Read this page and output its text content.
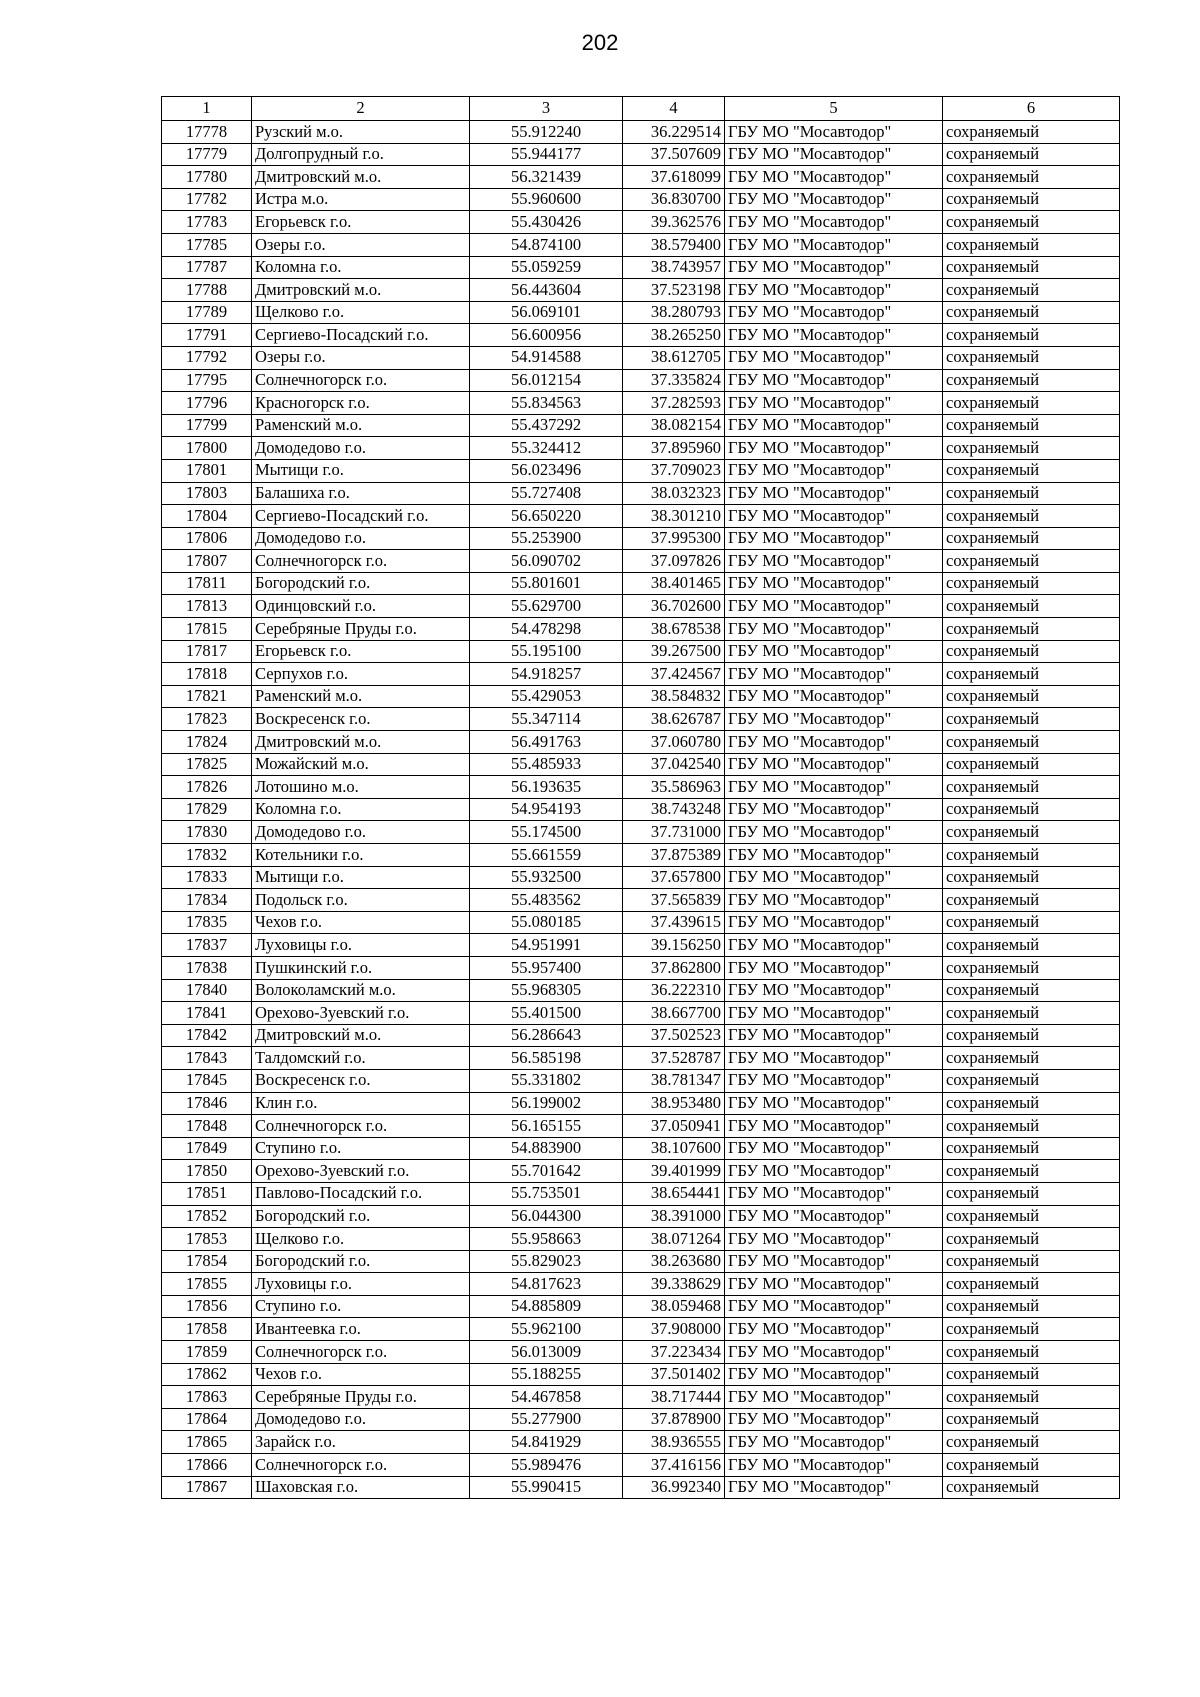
202
1	2	3	4	5	6
17778	Рузский м.о.	55.912240	36.229514	ГБУ МО "Мосавтодор"	сохраняемый
17779	Долгопрудный г.о.	55.944177	37.507609	ГБУ МО "Мосавтодор"	сохраняемый
17780	Дмитровский м.о.	56.321439	37.618099	ГБУ МО "Мосавтодор"	сохраняемый
17782	Истра м.о.	55.960600	36.830700	ГБУ МО "Мосавтодор"	сохраняемый
17783	Егорьевск г.о.	55.430426	39.362576	ГБУ МО "Мосавтодор"	сохраняемый
17785	Озеры г.о.	54.874100	38.579400	ГБУ МО "Мосавтодор"	сохраняемый
17787	Коломна г.о.	55.059259	38.743957	ГБУ МО "Мосавтодор"	сохраняемый
17788	Дмитровский м.о.	56.443604	37.523198	ГБУ МО "Мосавтодор"	сохраняемый
17789	Щелково г.о.	56.069101	38.280793	ГБУ МО "Мосавтодор"	сохраняемый
17791	Сергиево-Посадский г.о.	56.600956	38.265250	ГБУ МО "Мосавтодор"	сохраняемый
17792	Озеры г.о.	54.914588	38.612705	ГБУ МО "Мосавтодор"	сохраняемый
17795	Солнечногорск г.о.	56.012154	37.335824	ГБУ МО "Мосавтодор"	сохраняемый
17796	Красногорск г.о.	55.834563	37.282593	ГБУ МО "Мосавтодор"	сохраняемый
17799	Раменский м.о.	55.437292	38.082154	ГБУ МО "Мосавтодор"	сохраняемый
17800	Домодедово г.о.	55.324412	37.895960	ГБУ МО "Мосавтодор"	сохраняемый
17801	Мытищи г.о.	56.023496	37.709023	ГБУ МО "Мосавтодор"	сохраняемый
17803	Балашиха г.о.	55.727408	38.032323	ГБУ МО "Мосавтодор"	сохраняемый
17804	Сергиево-Посадский г.о.	56.650220	38.301210	ГБУ МО "Мосавтодор"	сохраняемый
17806	Домодедово г.о.	55.253900	37.995300	ГБУ МО "Мосавтодор"	сохраняемый
17807	Солнечногорск г.о.	56.090702	37.097826	ГБУ МО "Мосавтодор"	сохраняемый
17811	Богородский г.о.	55.801601	38.401465	ГБУ МО "Мосавтодор"	сохраняемый
17813	Одинцовский г.о.	55.629700	36.702600	ГБУ МО "Мосавтодор"	сохраняемый
17815	Серебряные Пруды г.о.	54.478298	38.678538	ГБУ МО "Мосавтодор"	сохраняемый
17817	Егорьевск г.о.	55.195100	39.267500	ГБУ МО "Мосавтодор"	сохраняемый
17818	Серпухов г.о.	54.918257	37.424567	ГБУ МО "Мосавтодор"	сохраняемый
17821	Раменский м.о.	55.429053	38.584832	ГБУ МО "Мосавтодор"	сохраняемый
17823	Воскресенск г.о.	55.347114	38.626787	ГБУ МО "Мосавтодор"	сохраняемый
17824	Дмитровский м.о.	56.491763	37.060780	ГБУ МО "Мосавтодор"	сохраняемый
17825	Можайский м.о.	55.485933	37.042540	ГБУ МО "Мосавтодор"	сохраняемый
17826	Лотошино м.о.	56.193635	35.586963	ГБУ МО "Мосавтодор"	сохраняемый
17829	Коломна г.о.	54.954193	38.743248	ГБУ МО "Мосавтодор"	сохраняемый
17830	Домодедово г.о.	55.174500	37.731000	ГБУ МО "Мосавтодор"	сохраняемый
17832	Котельники г.о.	55.661559	37.875389	ГБУ МО "Мосавтодор"	сохраняемый
17833	Мытищи г.о.	55.932500	37.657800	ГБУ МО "Мосавтодор"	сохраняемый
17834	Подольск г.о.	55.483562	37.565839	ГБУ МО "Мосавтодор"	сохраняемый
17835	Чехов г.о.	55.080185	37.439615	ГБУ МО "Мосавтодор"	сохраняемый
17837	Луховицы г.о.	54.951991	39.156250	ГБУ МО "Мосавтодор"	сохраняемый
17838	Пушкинский г.о.	55.957400	37.862800	ГБУ МО "Мосавтодор"	сохраняемый
17840	Волоколамский м.о.	55.968305	36.222310	ГБУ МО "Мосавтодор"	сохраняемый
17841	Орехово-Зуевский г.о.	55.401500	38.667700	ГБУ МО "Мосавтодор"	сохраняемый
17842	Дмитровский м.о.	56.286643	37.502523	ГБУ МО "Мосавтодор"	сохраняемый
17843	Талдомский г.о.	56.585198	37.528787	ГБУ МО "Мосавтодор"	сохраняемый
17845	Воскресенск г.о.	55.331802	38.781347	ГБУ МО "Мосавтодор"	сохраняемый
17846	Клин г.о.	56.199002	38.953480	ГБУ МО "Мосавтодор"	сохраняемый
17848	Солнечногорск г.о.	56.165155	37.050941	ГБУ МО "Мосавтодор"	сохраняемый
17849	Ступино г.о.	54.883900	38.107600	ГБУ МО "Мосавтодор"	сохраняемый
17850	Орехово-Зуевский г.о.	55.701642	39.401999	ГБУ МО "Мосавтодор"	сохраняемый
17851	Павлово-Посадский г.о.	55.753501	38.654441	ГБУ МО "Мосавтодор"	сохраняемый
17852	Богородский г.о.	56.044300	38.391000	ГБУ МО "Мосавтодор"	сохраняемый
17853	Щелково г.о.	55.958663	38.071264	ГБУ МО "Мосавтодор"	сохраняемый
17854	Богородский г.о.	55.829023	38.263680	ГБУ МО "Мосавтодор"	сохраняемый
17855	Луховицы г.о.	54.817623	39.338629	ГБУ МО "Мосавтодор"	сохраняемый
17856	Ступино г.о.	54.885809	38.059468	ГБУ МО "Мосавтодор"	сохраняемый
17858	Ивантеевка г.о.	55.962100	37.908000	ГБУ МО "Мосавтодор"	сохраняемый
17859	Солнечногорск г.о.	56.013009	37.223434	ГБУ МО "Мосавтодор"	сохраняемый
17862	Чехов г.о.	55.188255	37.501402	ГБУ МО "Мосавтодор"	сохраняемый
17863	Серебряные Пруды г.о.	54.467858	38.717444	ГБУ МО "Мосавтодор"	сохраняемый
17864	Домодедово г.о.	55.277900	37.878900	ГБУ МО "Мосавтодор"	сохраняемый
17865	Зарайск г.о.	54.841929	38.936555	ГБУ МО "Мосавтодор"	сохраняемый
17866	Солнечногорск г.о.	55.989476	37.416156	ГБУ МО "Мосавтодор"	сохраняемый
17867	Шаховская г.о.	55.990415	36.992340	ГБУ МО "Мосавтодор"	сохраняемый
